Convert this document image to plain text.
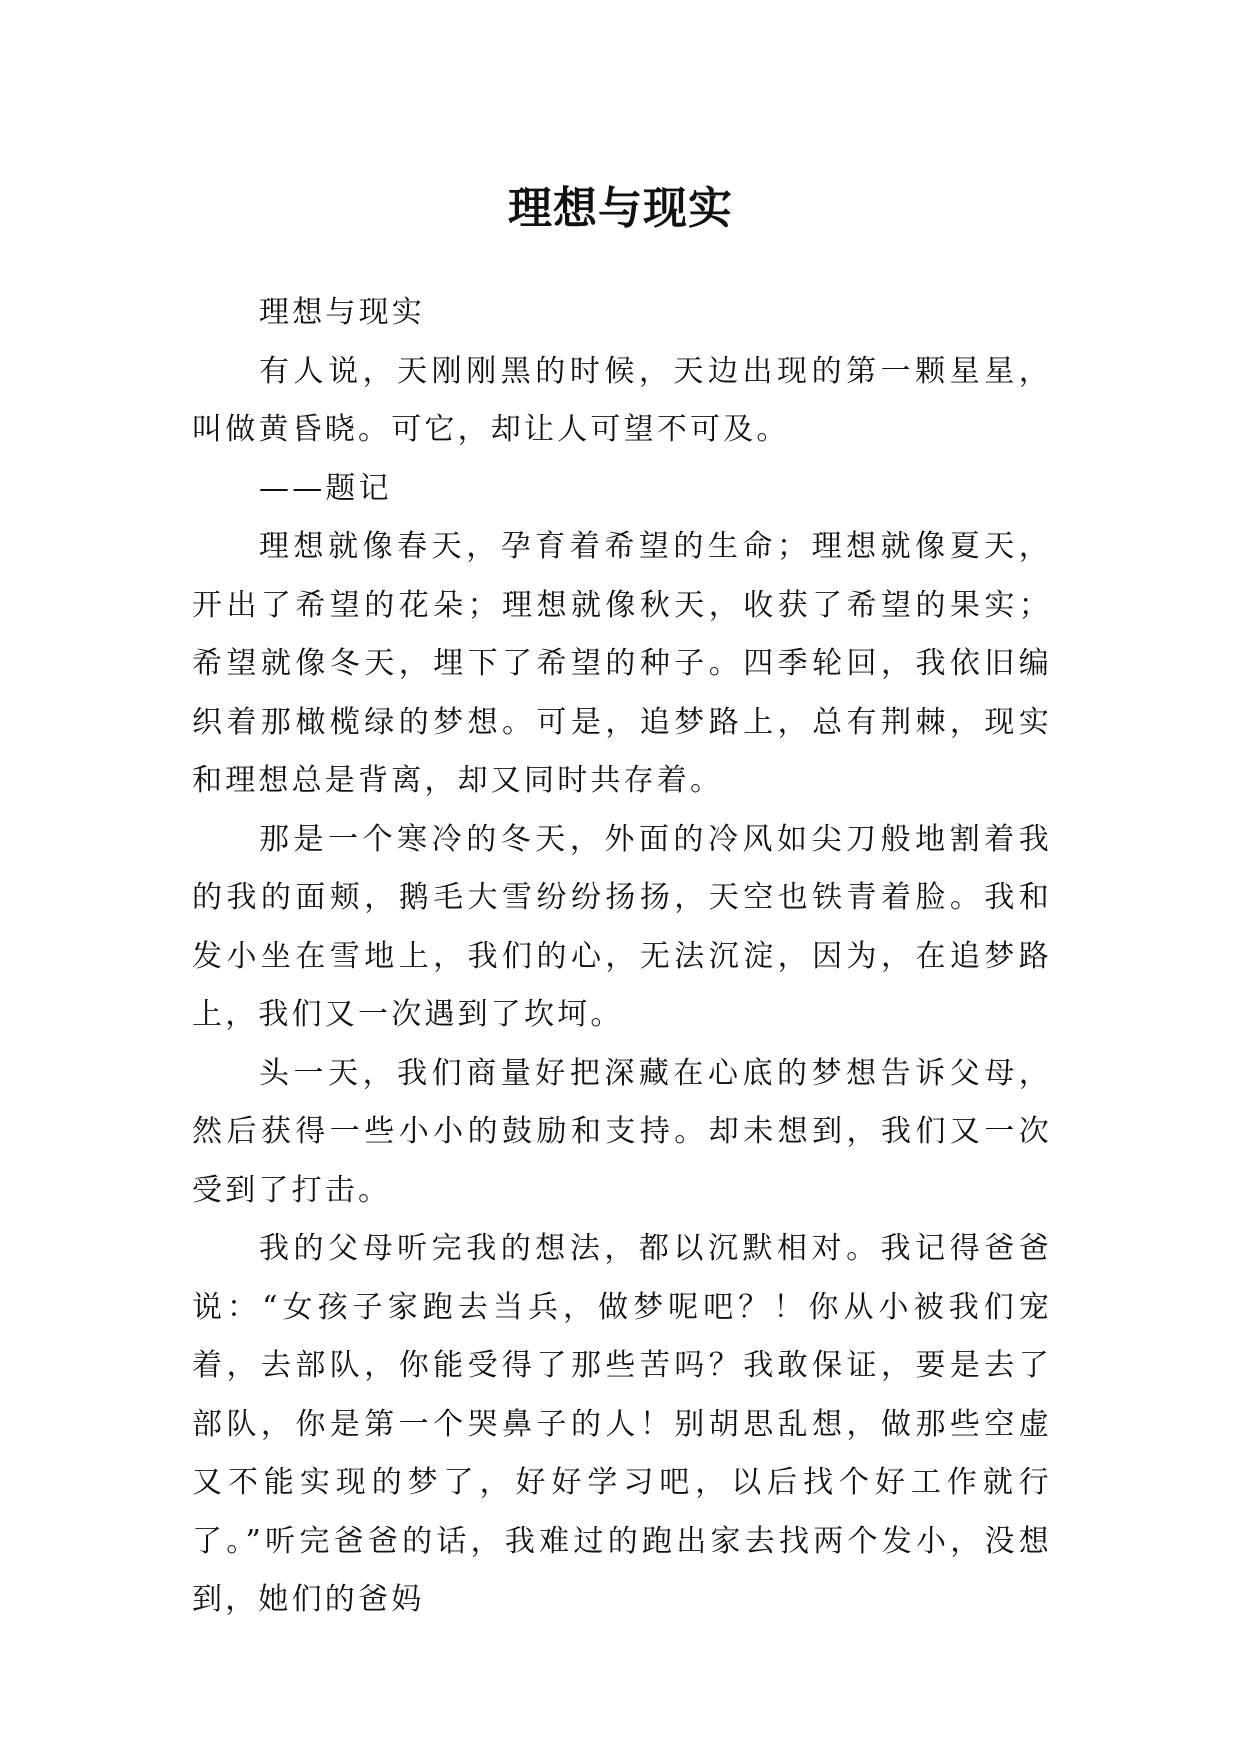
理想与现实

理想与现实

有人说，天刚刚黑的时候，天边出现的第一颗星星，叫做黄昏晓。可它，却让人可望不可及。

——题记

理想就像春天，孕育着希望的生命；理想就像夏天，开出了希望的花朵；理想就像秋天，收获了希望的果实；希望就像冬天，埋下了希望的种子。四季轮回，我依旧编织着那橄榄绿的梦想。可是，追梦路上，总有荆棘，现实和理想总是背离，却又同时共存着。

那是一个寒冷的冬天，外面的冷风如尖刀般地割着我的我的面颊，鹅毛大雪纷纷扬扬，天空也铁青着脸。我和发小坐在雪地上，我们的心，无法沉淀，因为，在追梦路上，我们又一次遇到了坎坷。

头一天，我们商量好把深藏在心底的梦想告诉父母，然后获得一些小小的鼓励和支持。却未想到，我们又一次受到了打击。

我的父母听完我的想法，都以沉默相对。我记得爸爸说：“女孩子家跑去当兵，做梦呢吧？！你从小被我们宠着，去部队，你能受得了那些苦吗？我敢保证，要是去了部队，你是第一个哭鼻子的人！别胡思乱想，做那些空虚又不能实现的梦了，好好学习吧，以后找个好工作就行了。”听完爸爸的话，我难过的跑出家去找两个发小，没想到，她们的爸妈
